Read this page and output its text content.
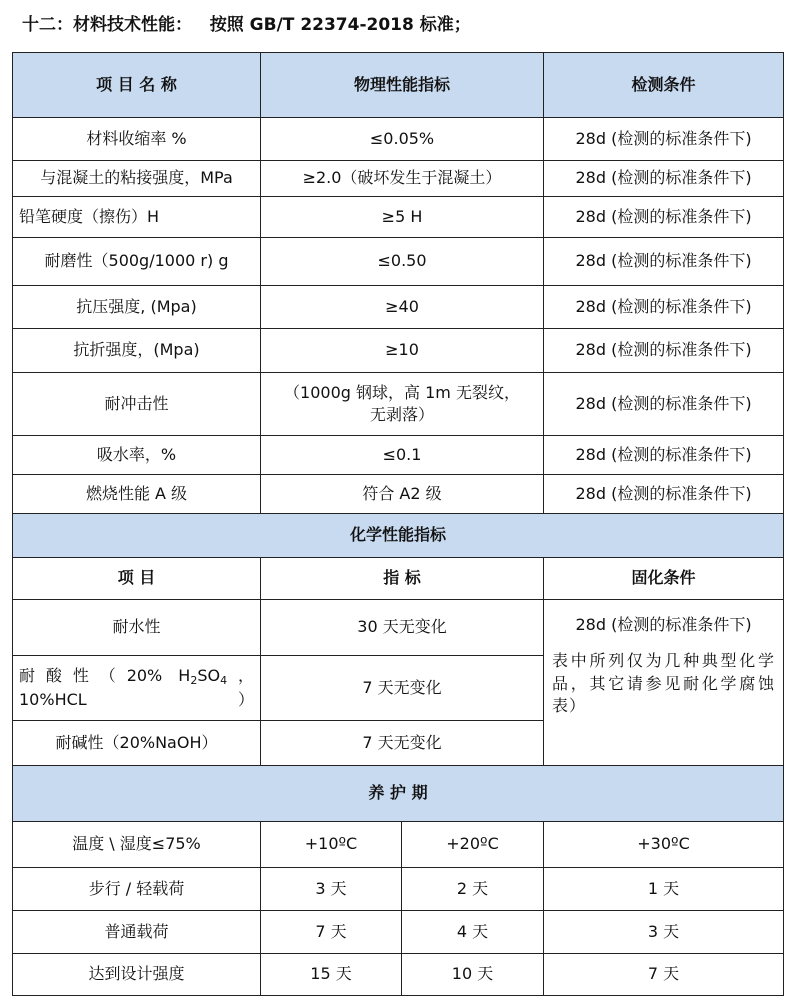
十二：材料技术性能： 按照 GB/T 22374-2018 标准；
项 目 名 称	物理性能指标		检测条件
材料收缩率 %	≤0.05%		28d (检测的标准条件下)
与混凝土的粘接强度，MPa	≥2.0（破坏发生于混凝土）		28d (检测的标准条件下)
铅笔硬度（擦伤）H	≥5 H		28d (检测的标准条件下)
耐磨性（500g/1000 r) g	≤0.50		28d (检测的标准条件下)
抗压强度, (Mpa)	≥40		28d (检测的标准条件下)
抗折强度，(Mpa)	≥10		28d (检测的标准条件下)
耐冲击性	（1000g 钢球，高 1m 无裂纹，无剥落）		28d (检测的标准条件下)
吸水率，%	≤0.1		28d (检测的标准条件下)
燃烧性能 A 级	符合 A2 级		28d (检测的标准条件下)
化学性能指标			
项 目	指 标		固化条件
耐水性	30 天无变化		28d (检测的标准条件下)
表中所列仅为几种典型化学品，其它请参见耐化学腐蚀表）

耐酸性（20% $H_2SO_4$，10%HCL）	7 天无变化		
耐碱性（20%NaOH）	7 天无变化		
养 护 期			
温度 \ 湿度≤75%	+10ºC	+20ºC	+30ºC
步行 / 轻载荷	3 天	2 天	1 天
普通载荷	7 天	4 天	3 天
达到设计强度	15 天	10 天	7 天
